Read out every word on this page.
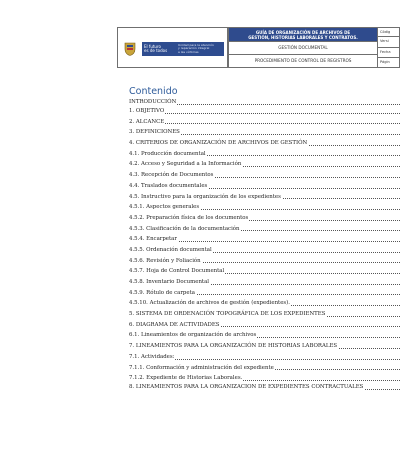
El futuro
es de todos
Unidad para la atención
y reparación integral
a las víctimas
GUÍA DE ORGANIZACIÓN DE ARCHIVOS DE
GESTIÓN, HISTORIAS LABORALES Y CONTRATOS.
GESTIÓN DOCUMENTAL
PROCEDIMIENTO DE CONTROL DE REGISTROS
Códig
Versi
Fecha
Págin
Contenido
INTRODUCCIÓN
1. OBJETIVO
2. ALCANCE
3. DEFINICIONES
4. CRITERIOS DE ORGANIZACIÓN DE ARCHIVOS DE GESTIÓN
4.1. Producción documental
4.2. Acceso y Seguridad a la Información
4.3. Recepción de Documentos
4.4. Traslados documentales
4.5. Instructivo para la organización de los expedientes
4.5.1. Aspectos generales
4.5.2. Preparación física de los documentos
4.5.3. Clasificación de la documentación
4.5.4. Encarpetar
4.5.5. Ordenación documental
4.5.6. Revisión y Foliación
4.5.7. Hoja de Control Documental
4.5.8. Inventario Documental
4.5.9. Rótulo de carpeta
4.5.10. Actualización de archivos de gestión (expedientes).
5. SISTEMA DE ORDENACIÓN TOPOGRÁFICA DE LOS EXPEDIENTES
6. DIAGRAMA DE ACTIVIDADES
6.1. Lineamientos de organización de archivos
7. LINEAMIENTOS PARA LA ORGANIZACIÓN DE HISTORIAS LABORALES
7.1. Actividades:
7.1.1. Conformación y administración del expediente
7.1.2. Expediente de Historias Laborales.
8. LINEAMIENTOS PARA LA ORGANIZACIÓN DE EXPEDIENTES CONTRACTUALES
